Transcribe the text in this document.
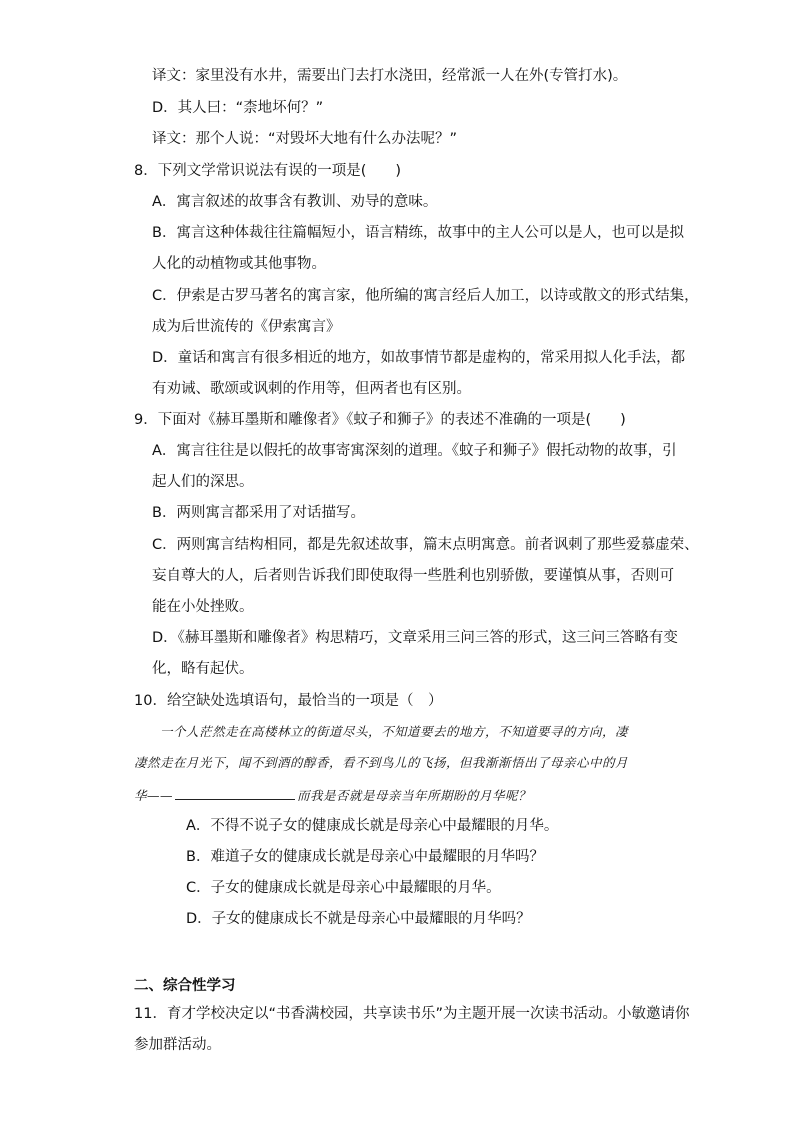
译文：家里没有水井，需要出门去打水浇田，经常派一人在外(专管打水)。
D．其人曰：“柰地坏何？”
译文：那个人说：“对毁坏大地有什么办法呢？”
8．下列文学常识说法有误的一项是(　　)
A．寓言叙述的故事含有教训、劝导的意味。
B．寓言这种体裁往往篇幅短小，语言精练，故事中的主人公可以是人，也可以是拟
人化的动植物或其他事物。
C．伊索是古罗马著名的寓言家，他所编的寓言经后人加工，以诗或散文的形式结集，
成为后世流传的《伊索寓言》
D．童话和寓言有很多相近的地方，如故事情节都是虚构的，常采用拟人化手法，都
有劝诫、歌颂或讽刺的作用等，但两者也有区别。
9．下面对《赫耳墨斯和雕像者》《蚊子和狮子》的表述不准确的一项是(　　)
A．寓言往往是以假托的故事寄寓深刻的道理。《蚊子和狮子》假托动物的故事，引
起人们的深思。
B．两则寓言都采用了对话描写。
C．两则寓言结构相同，都是先叙述故事，篇末点明寓意。前者讽刺了那些爱慕虚荣、
妄自尊大的人，后者则告诉我们即使取得一些胜利也别骄傲，要谨慎从事，否则可
能在小处挫败。
D．《赫耳墨斯和雕像者》构思精巧，文章采用三问三答的形式，这三问三答略有变
化，略有起伏。
10．给空缺处选填语句，最恰当的一项是（　）
一个人茫然走在高楼林立的街道尽头，不知道要去的地方，不知道要寻的方向，凄
凄然走在月光下，闻不到酒的醇香，看不到鸟儿的飞扬，但我渐渐悟出了母亲心中的月
华——	而我是否就是母亲当年所期盼的月华呢？
A．不得不说子女的健康成长就是母亲心中最耀眼的月华。
B．难道子女的健康成长就是母亲心中最耀眼的月华吗？
C．子女的健康成长就是母亲心中最耀眼的月华。
D．子女的健康成长不就是母亲心中最耀眼的月华吗？
二、综合性学习
11．育才学校决定以“书香满校园，共享读书乐”为主题开展一次读书活动。小敏邀请你
参加群活动。
